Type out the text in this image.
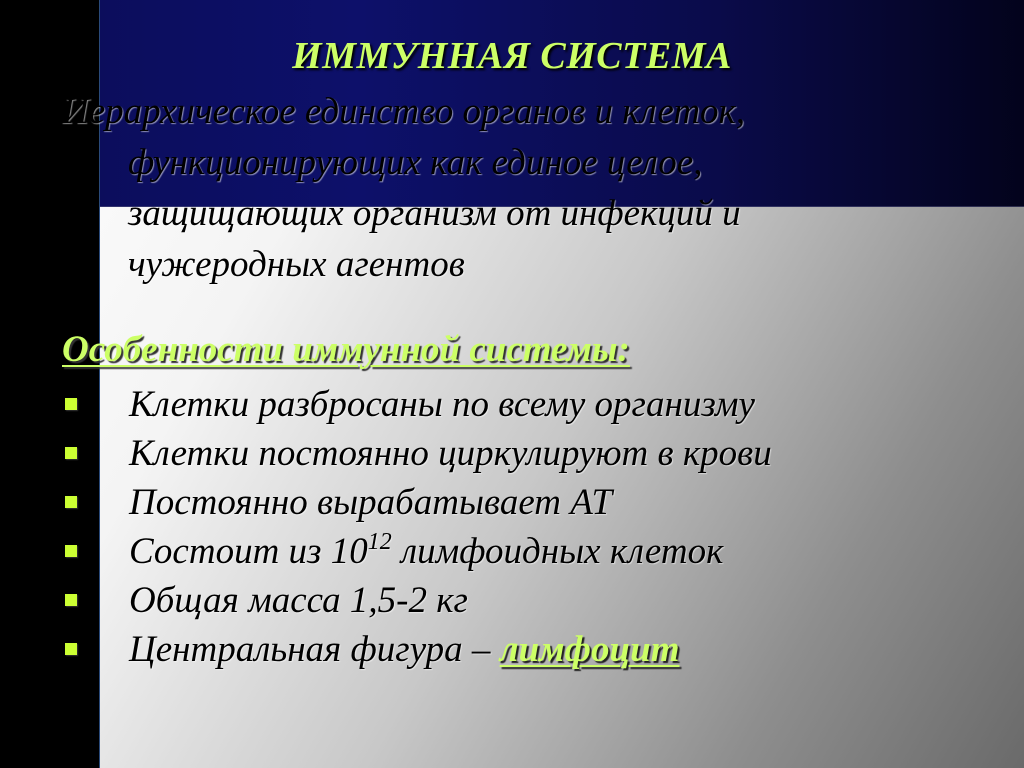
ИММУННАЯ СИСТЕМА
Иерархическое единство органов и клеток,
функционирующих как единое целое,
защищающих организм от инфекций и
чужеродных агентов
Особенности иммунной системы:
Клетки разбросаны по всему организму
Клетки постоянно циркулируют в крови
Постоянно вырабатывает АТ
Состоит из $10^{12}$ лимфоидных клеток
Общая масса 1,5-2 кг
Центральная фигура – лимфоцит
